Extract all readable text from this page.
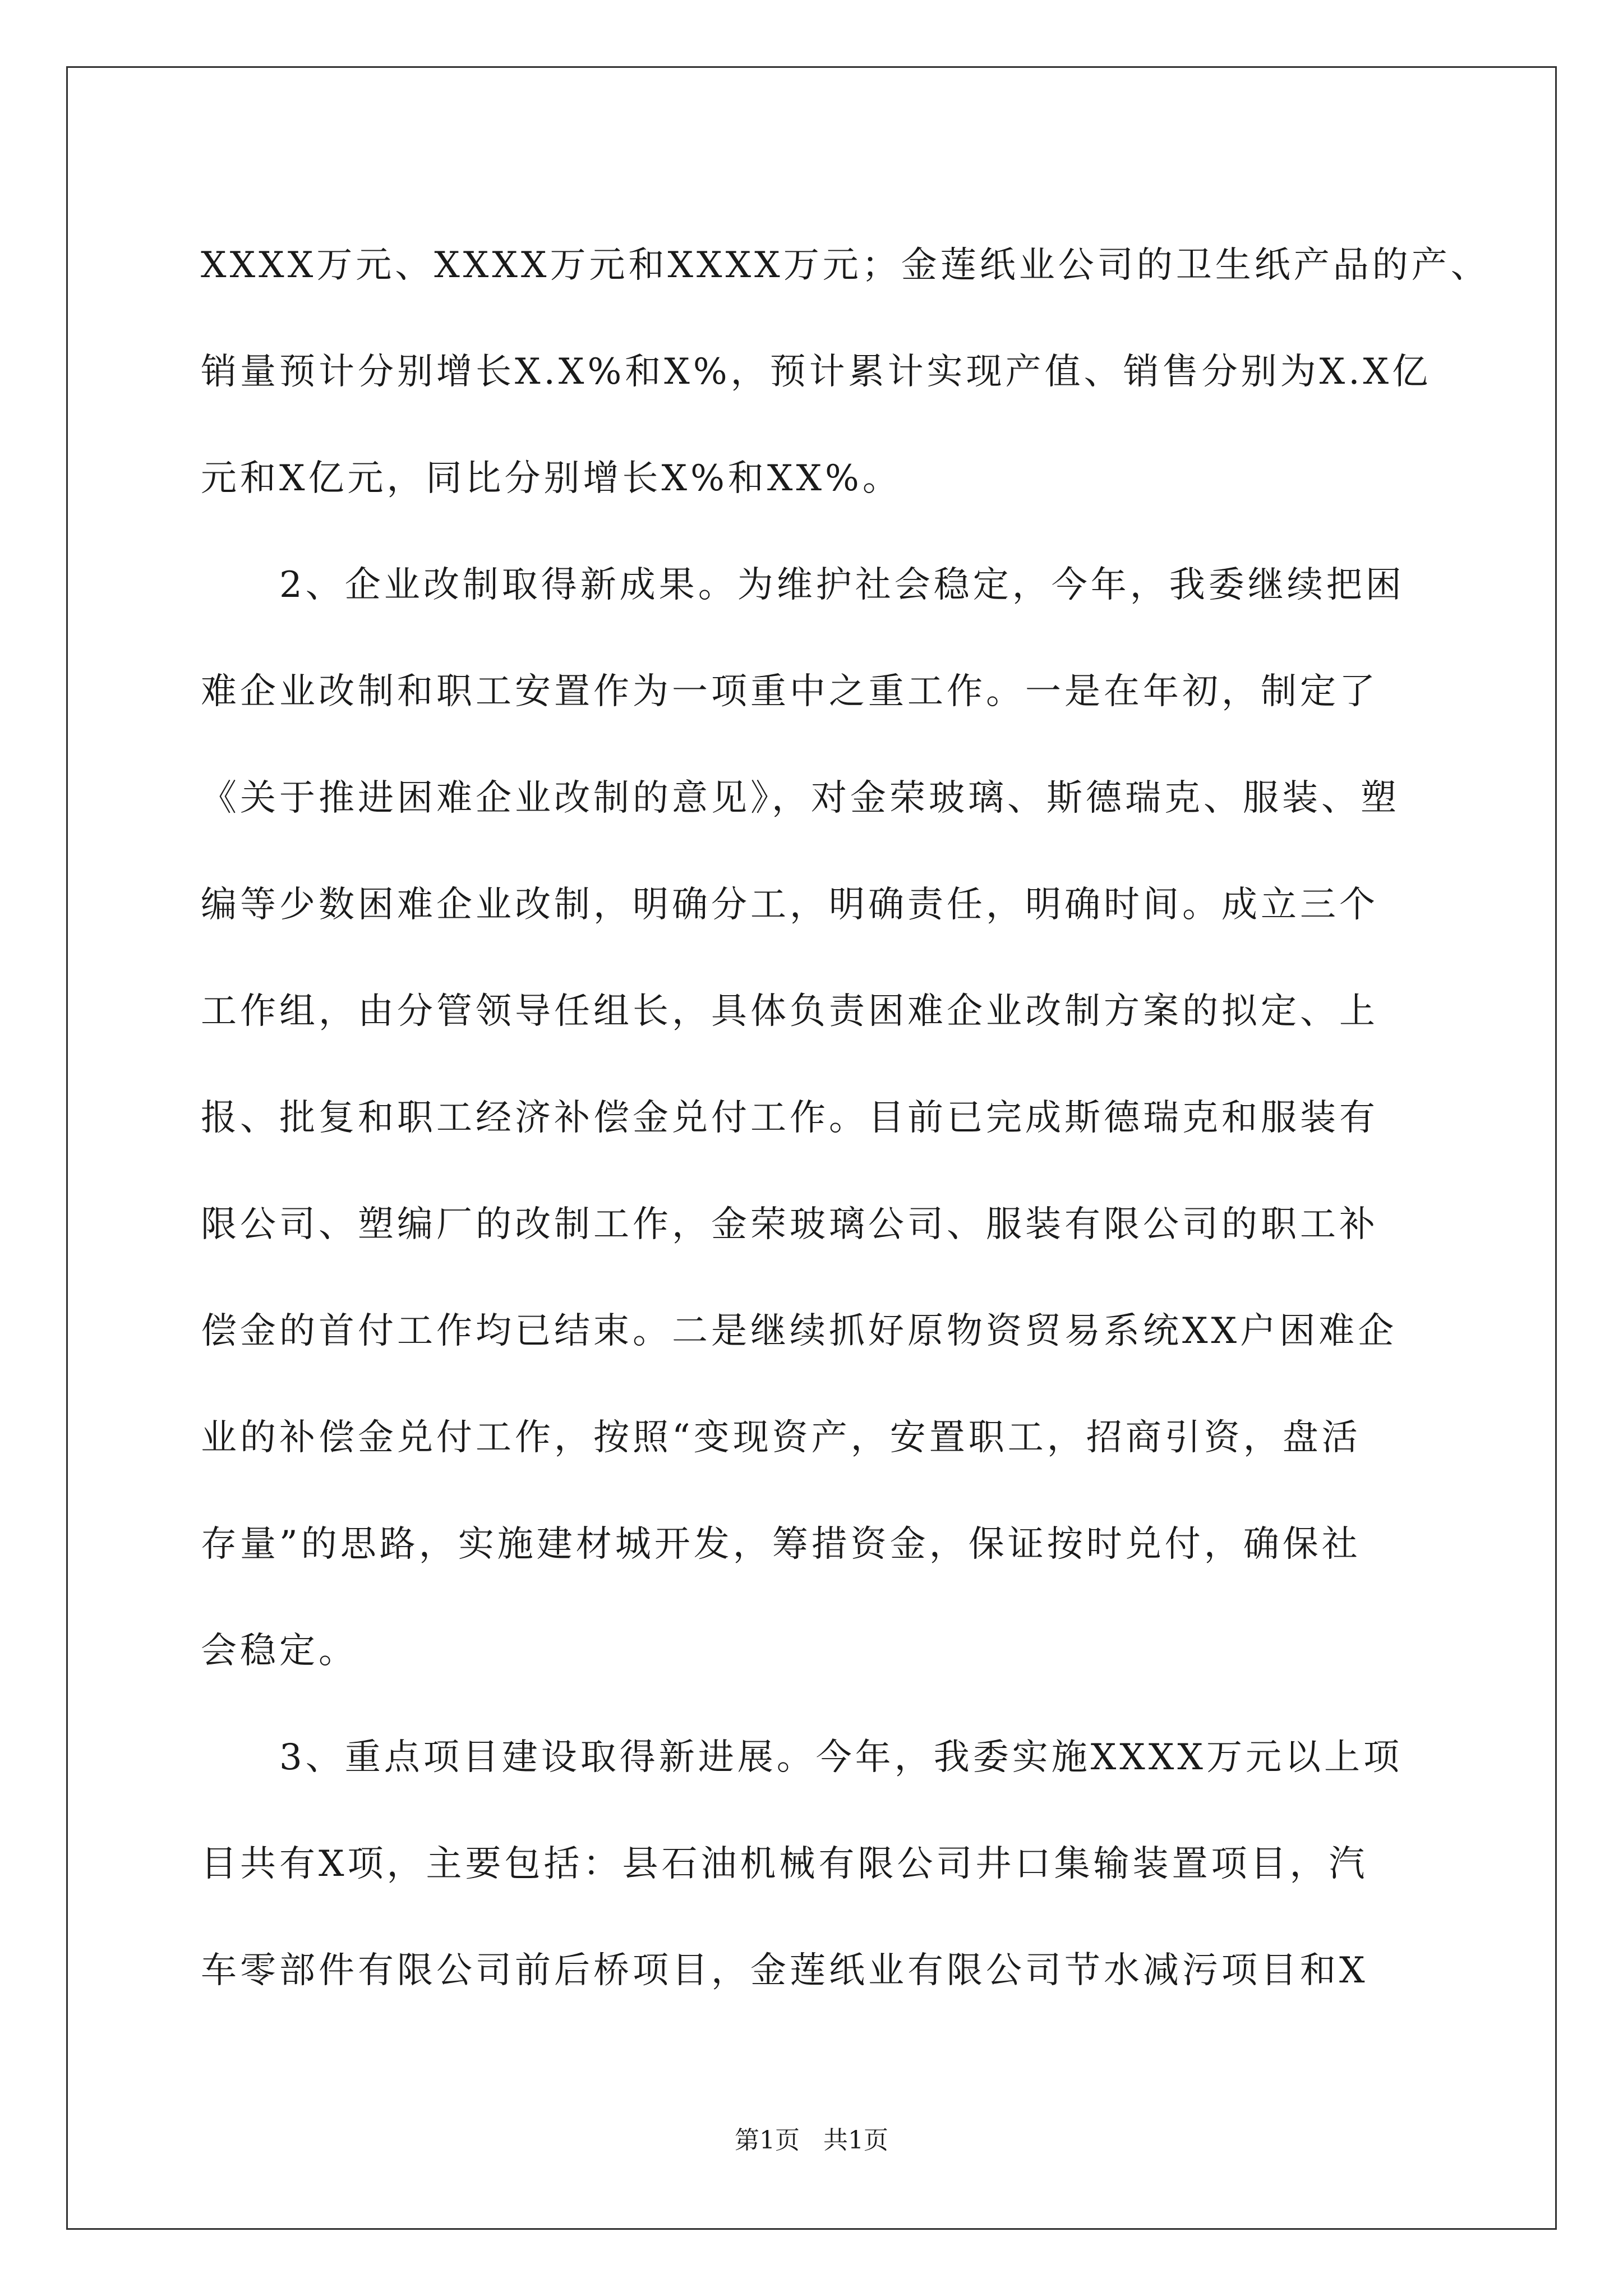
XXXX万元、XXXX万元和XXXX万元；金莲纸业公司的卫生纸产品的产、
销量预计分别增长X.X%和X%，预计累计实现产值、销售分别为X.X亿
元和X亿元，同比分别增长X%和XX%。
　　2、企业改制取得新成果。为维护社会稳定，今年，我委继续把困
难企业改制和职工安置作为一项重中之重工作。一是在年初，制定了
《关于推进困难企业改制的意见》，对金荣玻璃、斯德瑞克、服装、塑
编等少数困难企业改制，明确分工，明确责任，明确时间。成立三个
工作组，由分管领导任组长，具体负责困难企业改制方案的拟定、上
报、批复和职工经济补偿金兑付工作。目前已完成斯德瑞克和服装有
限公司、塑编厂的改制工作，金荣玻璃公司、服装有限公司的职工补
偿金的首付工作均已结束。二是继续抓好原物资贸易系统XX户困难企
业的补偿金兑付工作，按照“变现资产，安置职工，招商引资，盘活
存量”的思路，实施建材城开发，筹措资金，保证按时兑付，确保社
会稳定。
　　3、重点项目建设取得新进展。今年，我委实施XXXX万元以上项
目共有X项，主要包括：县石油机械有限公司井口集输装置项目，汽
车零部件有限公司前后桥项目，金莲纸业有限公司节水减污项目和X
第1页   共1页
